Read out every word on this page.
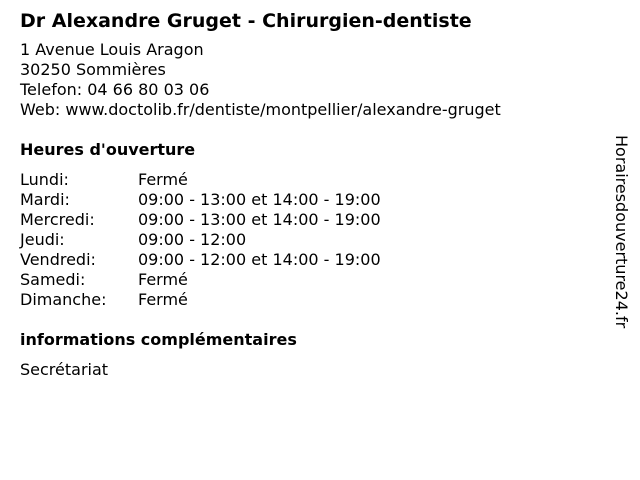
Dr Alexandre Gruget - Chirurgien-dentiste
1 Avenue Louis Aragon
30250 Sommières
Telefon: 04 66 80 03 06
Web: www.doctolib.fr/dentiste/montpellier/alexandre-gruget
Heures d'ouverture
Lundi:	Fermé
Mardi:	09:00 - 13:00 et 14:00 - 19:00
Mercredi:	09:00 - 13:00 et 14:00 - 19:00
Jeudi:	09:00 - 12:00
Vendredi:	09:00 - 12:00 et 14:00 - 19:00
Samedi:	Fermé
Dimanche:	Fermé
informations complémentaires
Secrétariat
Horairesdouverture24.fr
